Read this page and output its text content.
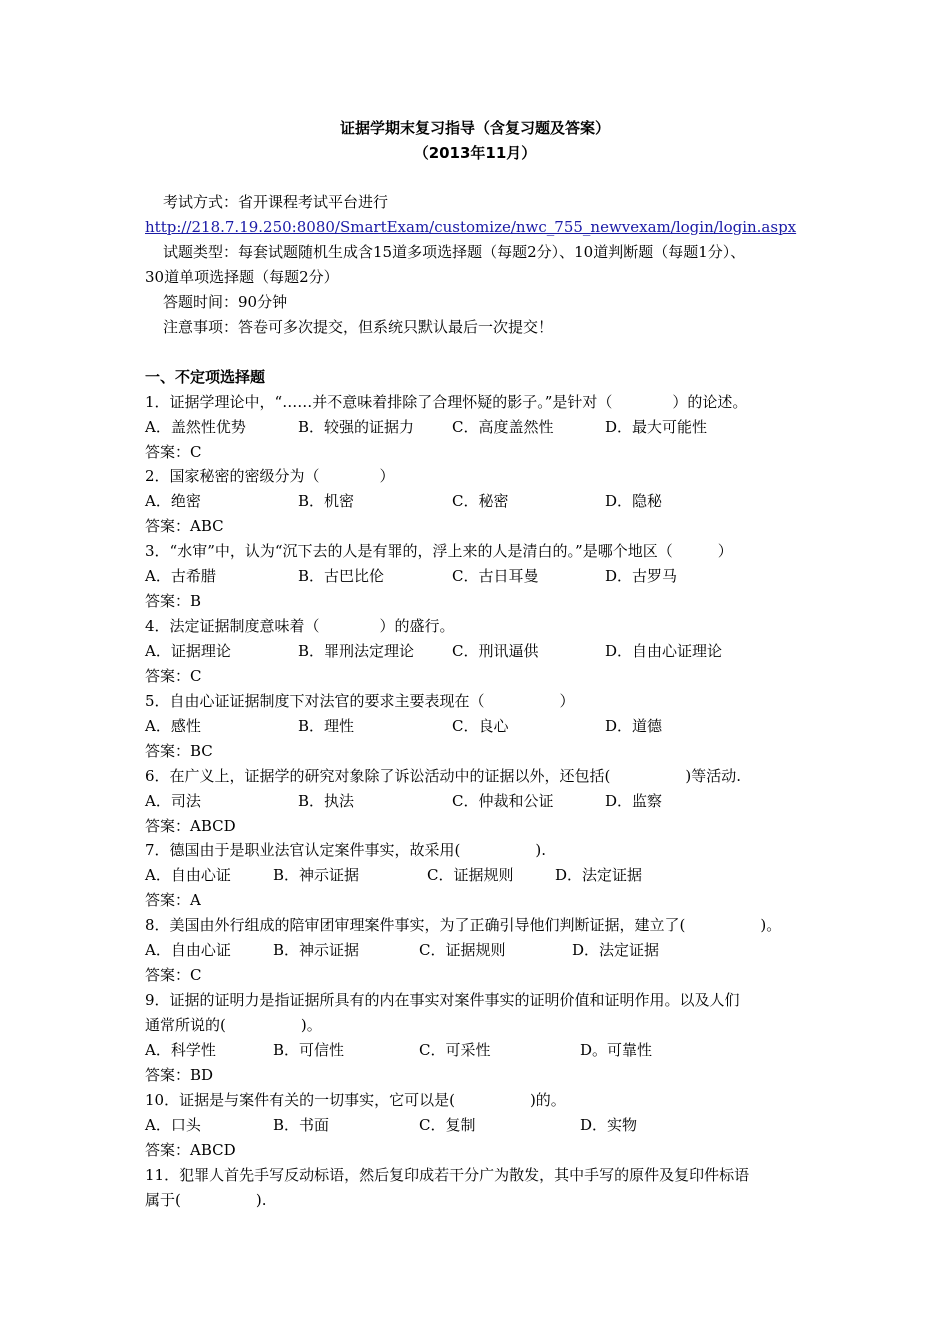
证据学期末复习指导（含复习题及答案）
（2013年11月）
考试方式：省开课程考试平台进行
http://218.7.19.250:8080/SmartExam/customize/nwc_755_newvexam/login/login.aspx
试题类型：每套试题随机生成含15道多项选择题（每题2分）、10道判断题（每题1分）、
30道单项选择题（每题2分）
答题时间：90分钟
注意事项：答卷可多次提交，但系统只默认最后一次提交！
一、不定项选择题
1．证据学理论中，“……并不意味着排除了合理怀疑的影子。”是针对（　　　　）的论述。
A．盖然性优势	B．较强的证据力	C．高度盖然性	D．最大可能性
答案：C
2．国家秘密的密级分为（　　　　）
A．绝密	B．机密	C．秘密	D．隐秘
答案：ABC
3．“水审”中，认为“沉下去的人是有罪的，浮上来的人是清白的。”是哪个地区（　　　）
A．古希腊	B．古巴比伦	C．古日耳曼	D．古罗马
答案：B
4．法定证据制度意味着（　　　　）的盛行。
A．证据理论	B．罪刑法定理论	C．刑讯逼供	D．自由心证理论
答案：C
5．自由心证证据制度下对法官的要求主要表现在（　　　　　）
A．感性	B．理性	C．良心	D．道德
答案：BC
6．在广义上，证据学的研究对象除了诉讼活动中的证据以外，还包括(　　　　　)等活动.
A．司法	B．执法	C．仲裁和公证	D．监察
答案：ABCD
7．德国由于是职业法官认定案件事实，故采用(　　　　　).
A．自由心证	B．神示证据	C．证据规则	D．法定证据
答案：A
8．美国由外行组成的陪审团审理案件事实，为了正确引导他们判断证据，建立了(　　　　　)。
A．自由心证	B．神示证据	C．证据规则	D．法定证据
答案：C
9．证据的证明力是指证据所具有的内在事实对案件事实的证明价值和证明作用。以及人们
通常所说的(　　　　　)。
A．科学性	B．可信性	C．可采性	D。可靠性
答案：BD
10．证据是与案件有关的一切事实，它可以是(　　　　　)的。
A．口头	B．书面	C．复制	D．实物
答案：ABCD
11．犯罪人首先手写反动标语，然后复印成若干分广为散发，其中手写的原件及复印件标语
属于(　　　　　).
